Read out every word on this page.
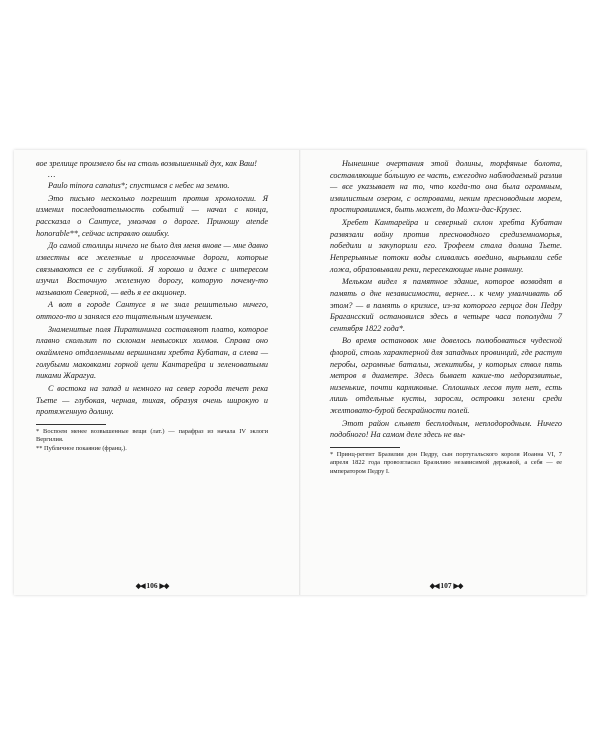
вое зрелище произвело бы на столь возвышенный дух, как Ваш!

…

Paulo minora canatus*; спустимся с небес на землю.

Это письмо несколько погрешит против хронологии. Я изменил последовательность событий — начал с конца, рассказал о Сантусе, умолчав о дороге. Приношу atende honorable**, сейчас исправлю ошибку.

До самой столицы ничего не было для меня внове — мне давно известны все железные и проселочные дороги, которые связываются ее с глубинкой. Я хорошо и даже с интересом изучил Восточную железную дорогу, которую почему-то называют Северной, — ведь я ее акционер.

А вот в городе Сантусе я не знал решительно ничего, оттого-то и занялся его тщательным изучением.

Знаменитые поля Пиратининга составляют плато, которое плавно скользит по склонам невысоких холмов. Справа оно окаймлено отдаленными вершинами хребта Кубатан, а слева — голубыми маковками горной цепи Кантарейра и зеленоватыми пиками Жарагуа.

С востока на запад и немного на север города течет река Тьете — глубокая, черная, тихая, образуя очень широкую и протяженную долину.

* Воспоем менее возвышенные вещи (лат.) — парафраз из начала IV эклоги Вергилия.

** Публичное покаяние (франц.).

◆◀ 106 ▶◆

Нынешние очертания этой долины, торфяные болота, составляющие бо́льшую ее часть, ежегодно наблюдаемый разлив — все указывает на то, что когда-то она была огромным, извилистым озером, с островами, неким пресноводным морем, простиравшимся, быть может, до Можи-дас-Крузес.

Хребет Кантарейра и северный склон хребта Кубатан развязали войну против пресноводного средиземноморья, победили и закупорили его. Трофеем стала долина Тьете. Непрерывные потоки воды сливались воедино, вырывали себе ложа, образовывали реки, пересекающие ныне равнину.

Мельком видел я памятное здание, которое возводят в память о дне независимости, вернее… к чему умалчивать об этом? — в память о кризисе, из-за которого герцог дон Педру Брагансский остановился здесь в четыре часа пополудни 7 сентября 1822 года*.

Во время остановок мне довелось полюбоваться чудесной флорой, столь характерной для западных провинций, где растут перобы, огромные батальи, жекитибы, у которых ствол пять метров в диаметре. Здесь бывает какие-то недоразвитые, низенькие, почти карликовые. Сплошных лесов тут нет, есть лишь отдельные кусты, заросли, островки зелени среди желтовато-бурой бескрайности полей.

Этот район слывет бесплодным, неплодородным. Ничего подобного! На самом деле здесь не вы-

* Принц-регент Бразилии дон Педру, сын португальского короля Иоанна VI, 7 апреля 1822 года провозгласил Бразилию независимой державой, а себя — ее императором Педру I.

◆◀ 107 ▶◆
